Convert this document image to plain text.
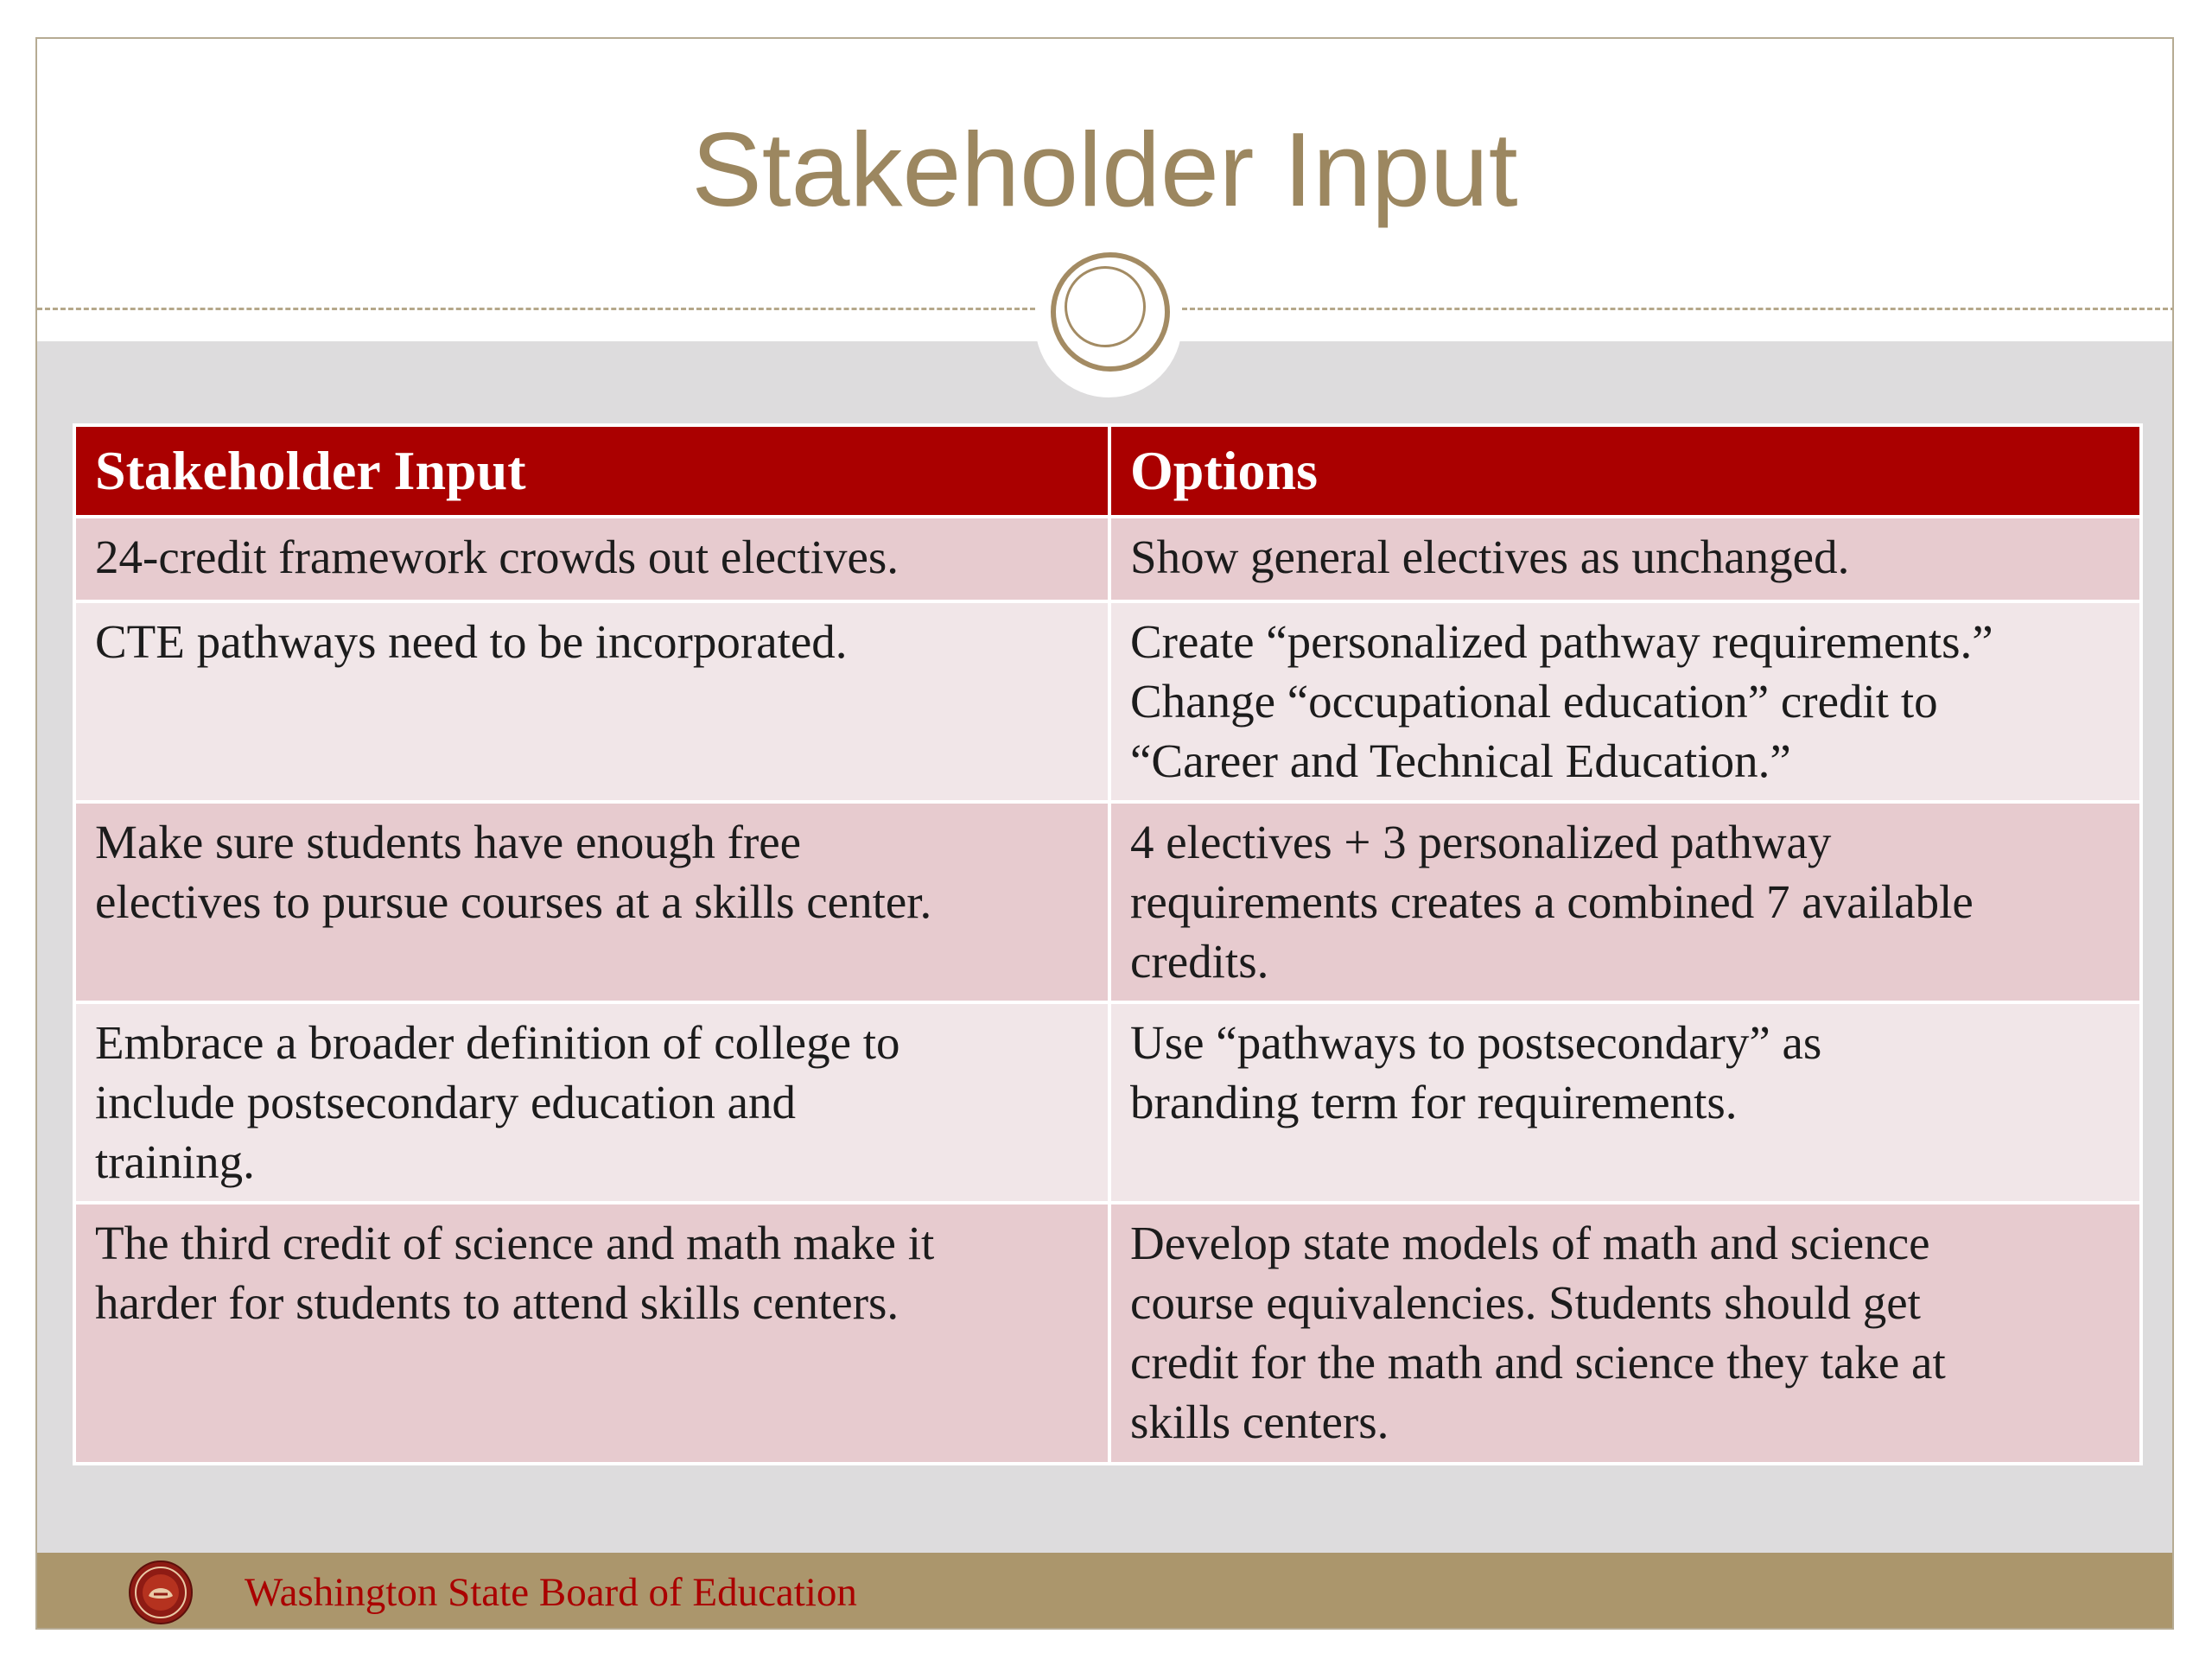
Stakeholder Input
Stakeholder Input	Options

24-credit framework crowds out electives.	Show general electives as unchanged.

CTE pathways need to be incorporated.	Create “personalized pathway requirements.”
Change “occupational education” credit to
“Career and Technical Education.”

Make sure students have enough free
electives to pursue courses at a skills center.	4 electives + 3 personalized pathway
requirements creates a combined 7 available
credits.

Embrace a broader definition of college to
include postsecondary education and
training.	Use “pathways to postsecondary” as
branding term for requirements.

The third credit of science and math make it
harder for students to attend skills centers.	Develop state models of math and science
course equivalencies. Students should get
credit for the math and science they take at
skills centers.
Washington State Board of Education
